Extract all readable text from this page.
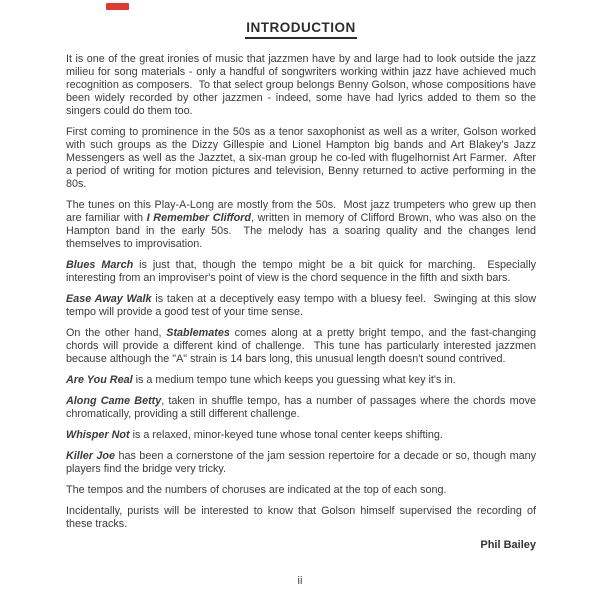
INTRODUCTION

It is one of the great ironies of music that jazzmen have by and large had to look outside the jazz milieu for song materials - only a handful of songwriters working within jazz have achieved much recognition as composers.  To that select group belongs Benny Golson, whose compositions have been widely recorded by other jazzmen - indeed, some have had lyrics added to them so the singers could do them too.

First coming to prominence in the 50s as a tenor saxophonist as well as a writer, Golson worked with such groups as the Dizzy Gillespie and Lionel Hampton big bands and Art Blakey's Jazz Messengers as well as the Jazztet, a six-man group he co-led with flugelhornist Art Farmer.  After a period of writing for motion pictures and television, Benny returned to active performing in the 80s.

The tunes on this Play-A-Long are mostly from the 50s.  Most jazz trumpeters who grew up then are familiar with I Remember Clifford, written in memory of Clifford Brown, who was also on the Hampton band in the early 50s.  The melody has a soaring quality and the changes lend themselves to improvisation.

Blues March is just that, though the tempo might be a bit quick for marching.  Especially interesting from an improviser's point of view is the chord sequence in the fifth and sixth bars.

Ease Away Walk is taken at a deceptively easy tempo with a bluesy feel.  Swinging at this slow tempo will provide a good test of your time sense.

On the other hand, Stablemates comes along at a pretty bright tempo, and the fast-changing chords will provide a different kind of challenge.  This tune has particularly interested jazzmen because although the "A" strain is 14 bars long, this unusual length doesn't sound contrived.

Are You Real is a medium tempo tune which keeps you guessing what key it's in.

Along Came Betty, taken in shuffle tempo, has a number of passages where the chords move chromatically, providing a still different challenge.

Whisper Not is a relaxed, minor-keyed tune whose tonal center keeps shifting.

Killer Joe has been a cornerstone of the jam session repertoire for a decade or so, though many players find the bridge very tricky.

The tempos and the numbers of choruses are indicated at the top of each song.

Incidentally, purists will be interested to know that Golson himself supervised the recording of these tracks.

Phil Bailey
ii
